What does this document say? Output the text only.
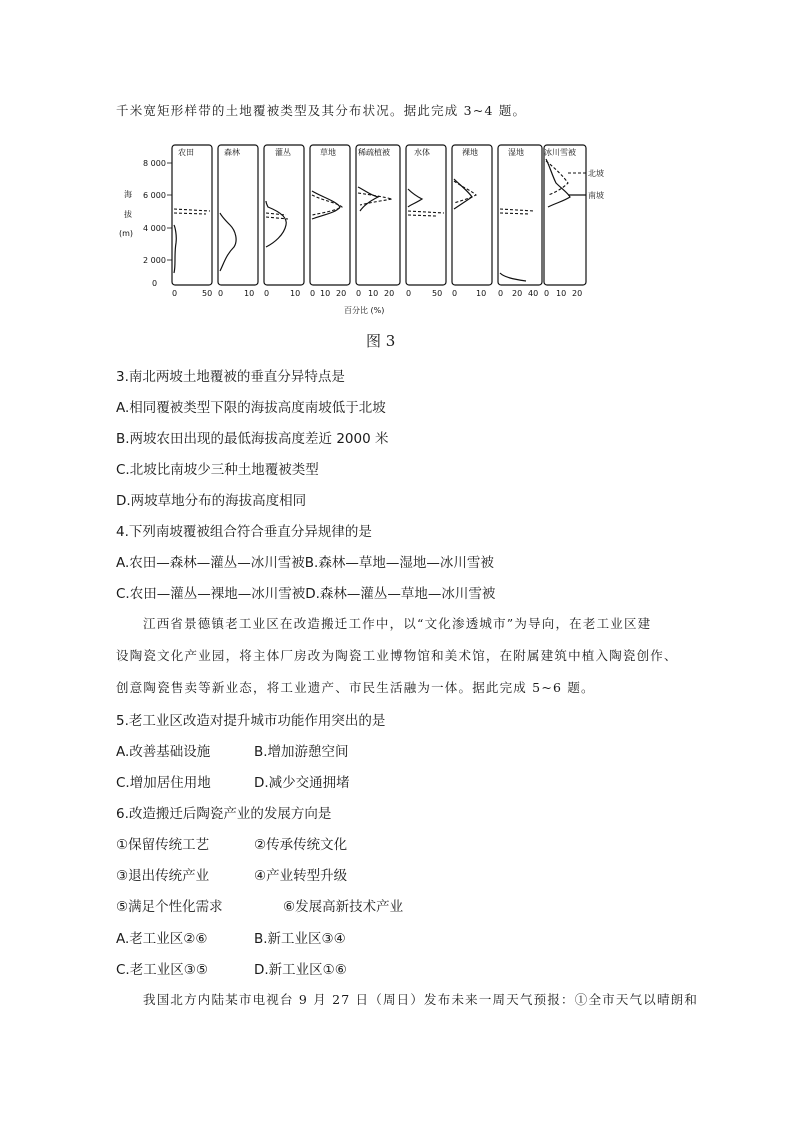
千米宽矩形样带的土地覆被类型及其分布状况。据此完成 3~4 题。
海
拔
(m)
8 000
6 000
4 000
2 000
0
农田
0	50
森林
0	10
灌丛
0	10
草地
0 10 20
稀疏植被
0 10 20
水体
0	50
裸地
0 10
湿地
0 20 40
冰川雪被
0 10 20
北坡
南坡
百分比 (%)
图 3
3.南北两坡土地覆被的垂直分异特点是
A.相同覆被类型下限的海拔高度南坡低于北坡
B.两坡农田出现的最低海拔高度差近 2000 米
C.北坡比南坡少三种土地覆被类型
D.两坡草地分布的海拔高度相同
4.下列南坡覆被组合符合垂直分异规律的是
A.农田—森林—灌丛—冰川雪被B.森林—草地—湿地—冰川雪被
C.农田—灌丛—裸地—冰川雪被D.森林—灌丛—草地—冰川雪被
江西省景德镇老工业区在改造搬迁工作中，以“文化渗透城市”为导向，在老工业区建
设陶瓷文化产业园，将主体厂房改为陶瓷工业博物馆和美术馆，在附属建筑中植入陶瓷创作、
创意陶瓷售卖等新业态，将工业遗产、市民生活融为一体。据此完成 5~6 题。
5.老工业区改造对提升城市功能作用突出的是
A.改善基础设施	B.增加游憩空间
C.增加居住用地	D.减少交通拥堵
6.改造搬迁后陶瓷产业的发展方向是
①保留传统工艺	②传承传统文化
③退出传统产业	④产业转型升级
⑤满足个性化需求	⑥发展高新技术产业
A.老工业区②⑥	B.新工业区③④
C.老工业区③⑤	D.新工业区①⑥
我国北方内陆某市电视台 9 月 27 日（周日）发布未来一周天气预报：①全市天气以晴朗和
